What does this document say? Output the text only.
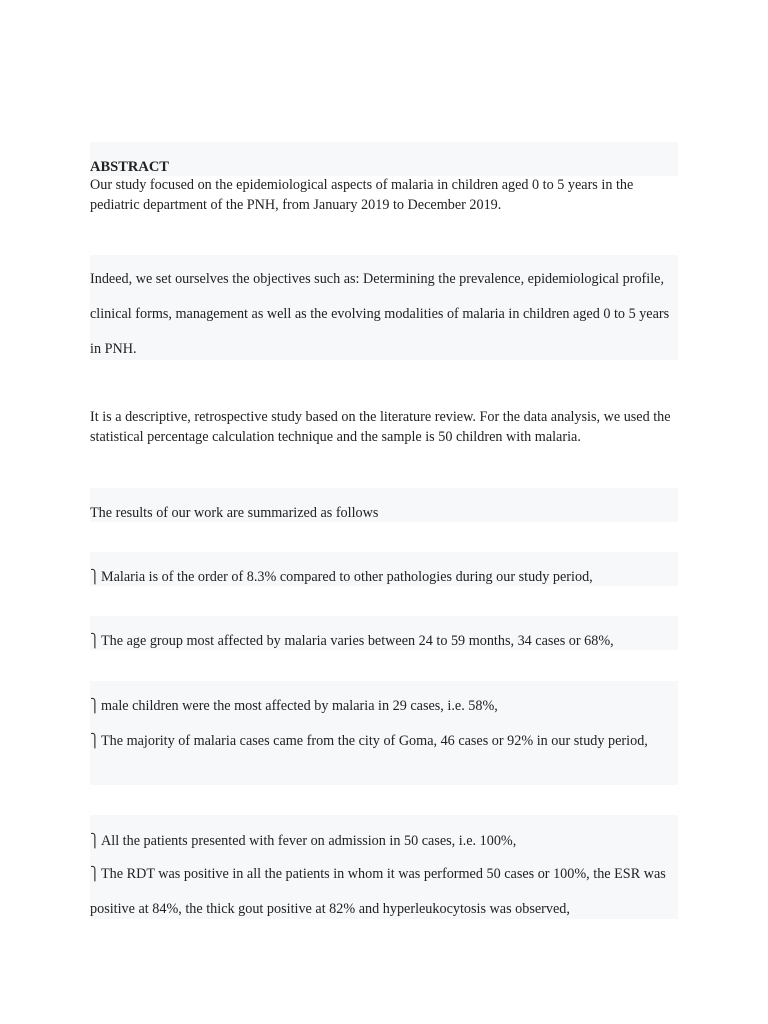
ABSTRACT
Our study focused on the epidemiological aspects of malaria in children aged 0 to 5 years in the pediatric department of the PNH, from January 2019 to December 2019.
Indeed, we set ourselves the objectives such as: Determining the prevalence, epidemiological profile, clinical forms, management as well as the evolving modalities of malaria in children aged 0 to 5 years in PNH.
It is a descriptive, retrospective study based on the literature review. For the data analysis, we used the statistical percentage calculation technique and the sample is 50 children with malaria.
The results of our work are summarized as follows
⎫Malaria is of the order of 8.3% compared to other pathologies during our study period,
⎫The age group most affected by malaria varies between 24 to 59 months, 34 cases or 68%,
⎫male children were the most affected by malaria in 29 cases, i.e. 58%,
⎫The majority of malaria cases came from the city of Goma, 46 cases or 92% in our study period,
⎫All the patients presented with fever on admission in 50 cases, i.e. 100%,
⎫The RDT was positive in all the patients in whom it was performed 50 cases or 100%, the ESR was positive at 84%, the thick gout positive at 82% and hyperleukocytosis was observed,
